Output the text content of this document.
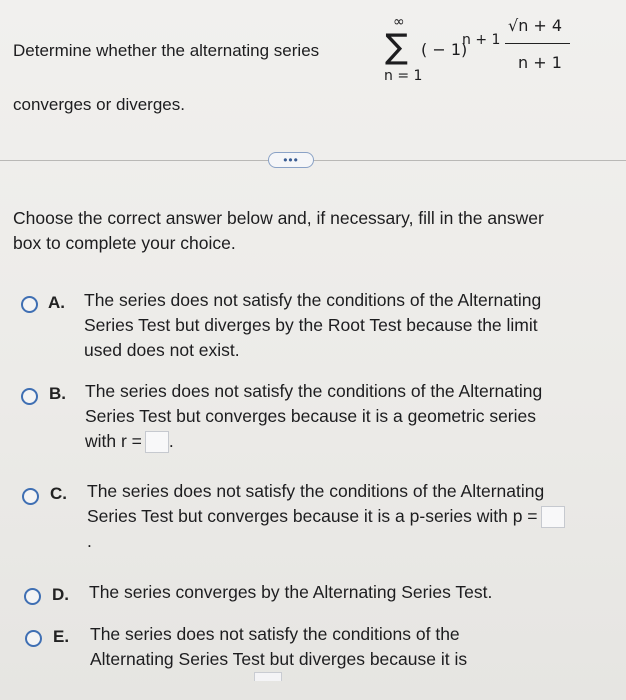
Determine whether the alternating series
∞
∑
n = 1
( − 1)
n + 1
√n + 4
n + 1
converges or diverges.
•••
Choose the correct answer below and, if necessary, fill in the answer box to complete your choice.
A. The series does not satisfy the conditions of the Alternating Series Test but diverges by the Root Test because the limit used does not exist.
B. The series does not satisfy the conditions of the Alternating Series Test but converges because it is a geometric series with r = .
C. The series does not satisfy the conditions of the Alternating Series Test but converges because it is a p-series with p =.
D. The series converges by the Alternating Series Test.
E. The series does not satisfy the conditions of the Alternating Series Test but diverges because it is
